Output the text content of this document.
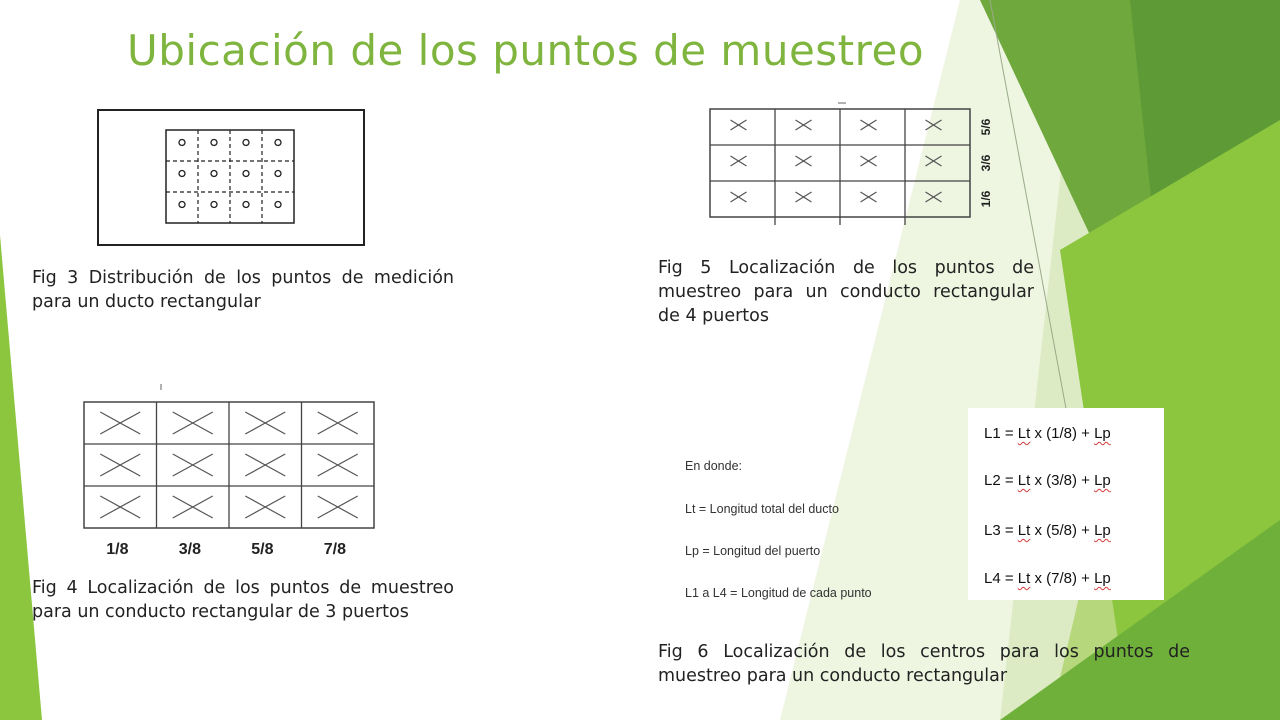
Ubicación de los puntos de muestreo
Fig 3 Distribución de los puntos de medición para un ducto rectangular
1/8	3/8	5/8	7/8
Fig 4 Localización de los puntos de muestreo para un conducto rectangular de 3 puertos
5/6
3/6
1/6
Fig 5 Localización de los puntos de muestreo para un conducto rectangular de 4 puertos
En donde:
Lt = Longitud total del ducto
Lp = Longitud del puerto
L1 a L4 = Longitud de cada punto
L1 = Lt x (1/8) + Lp
L2 = Lt x (3/8) + Lp
L3 = Lt x (5/8) + Lp
L4 = Lt x (7/8) + Lp
Fig 6 Localización de los centros para los puntos de muestreo para un conducto rectangular
